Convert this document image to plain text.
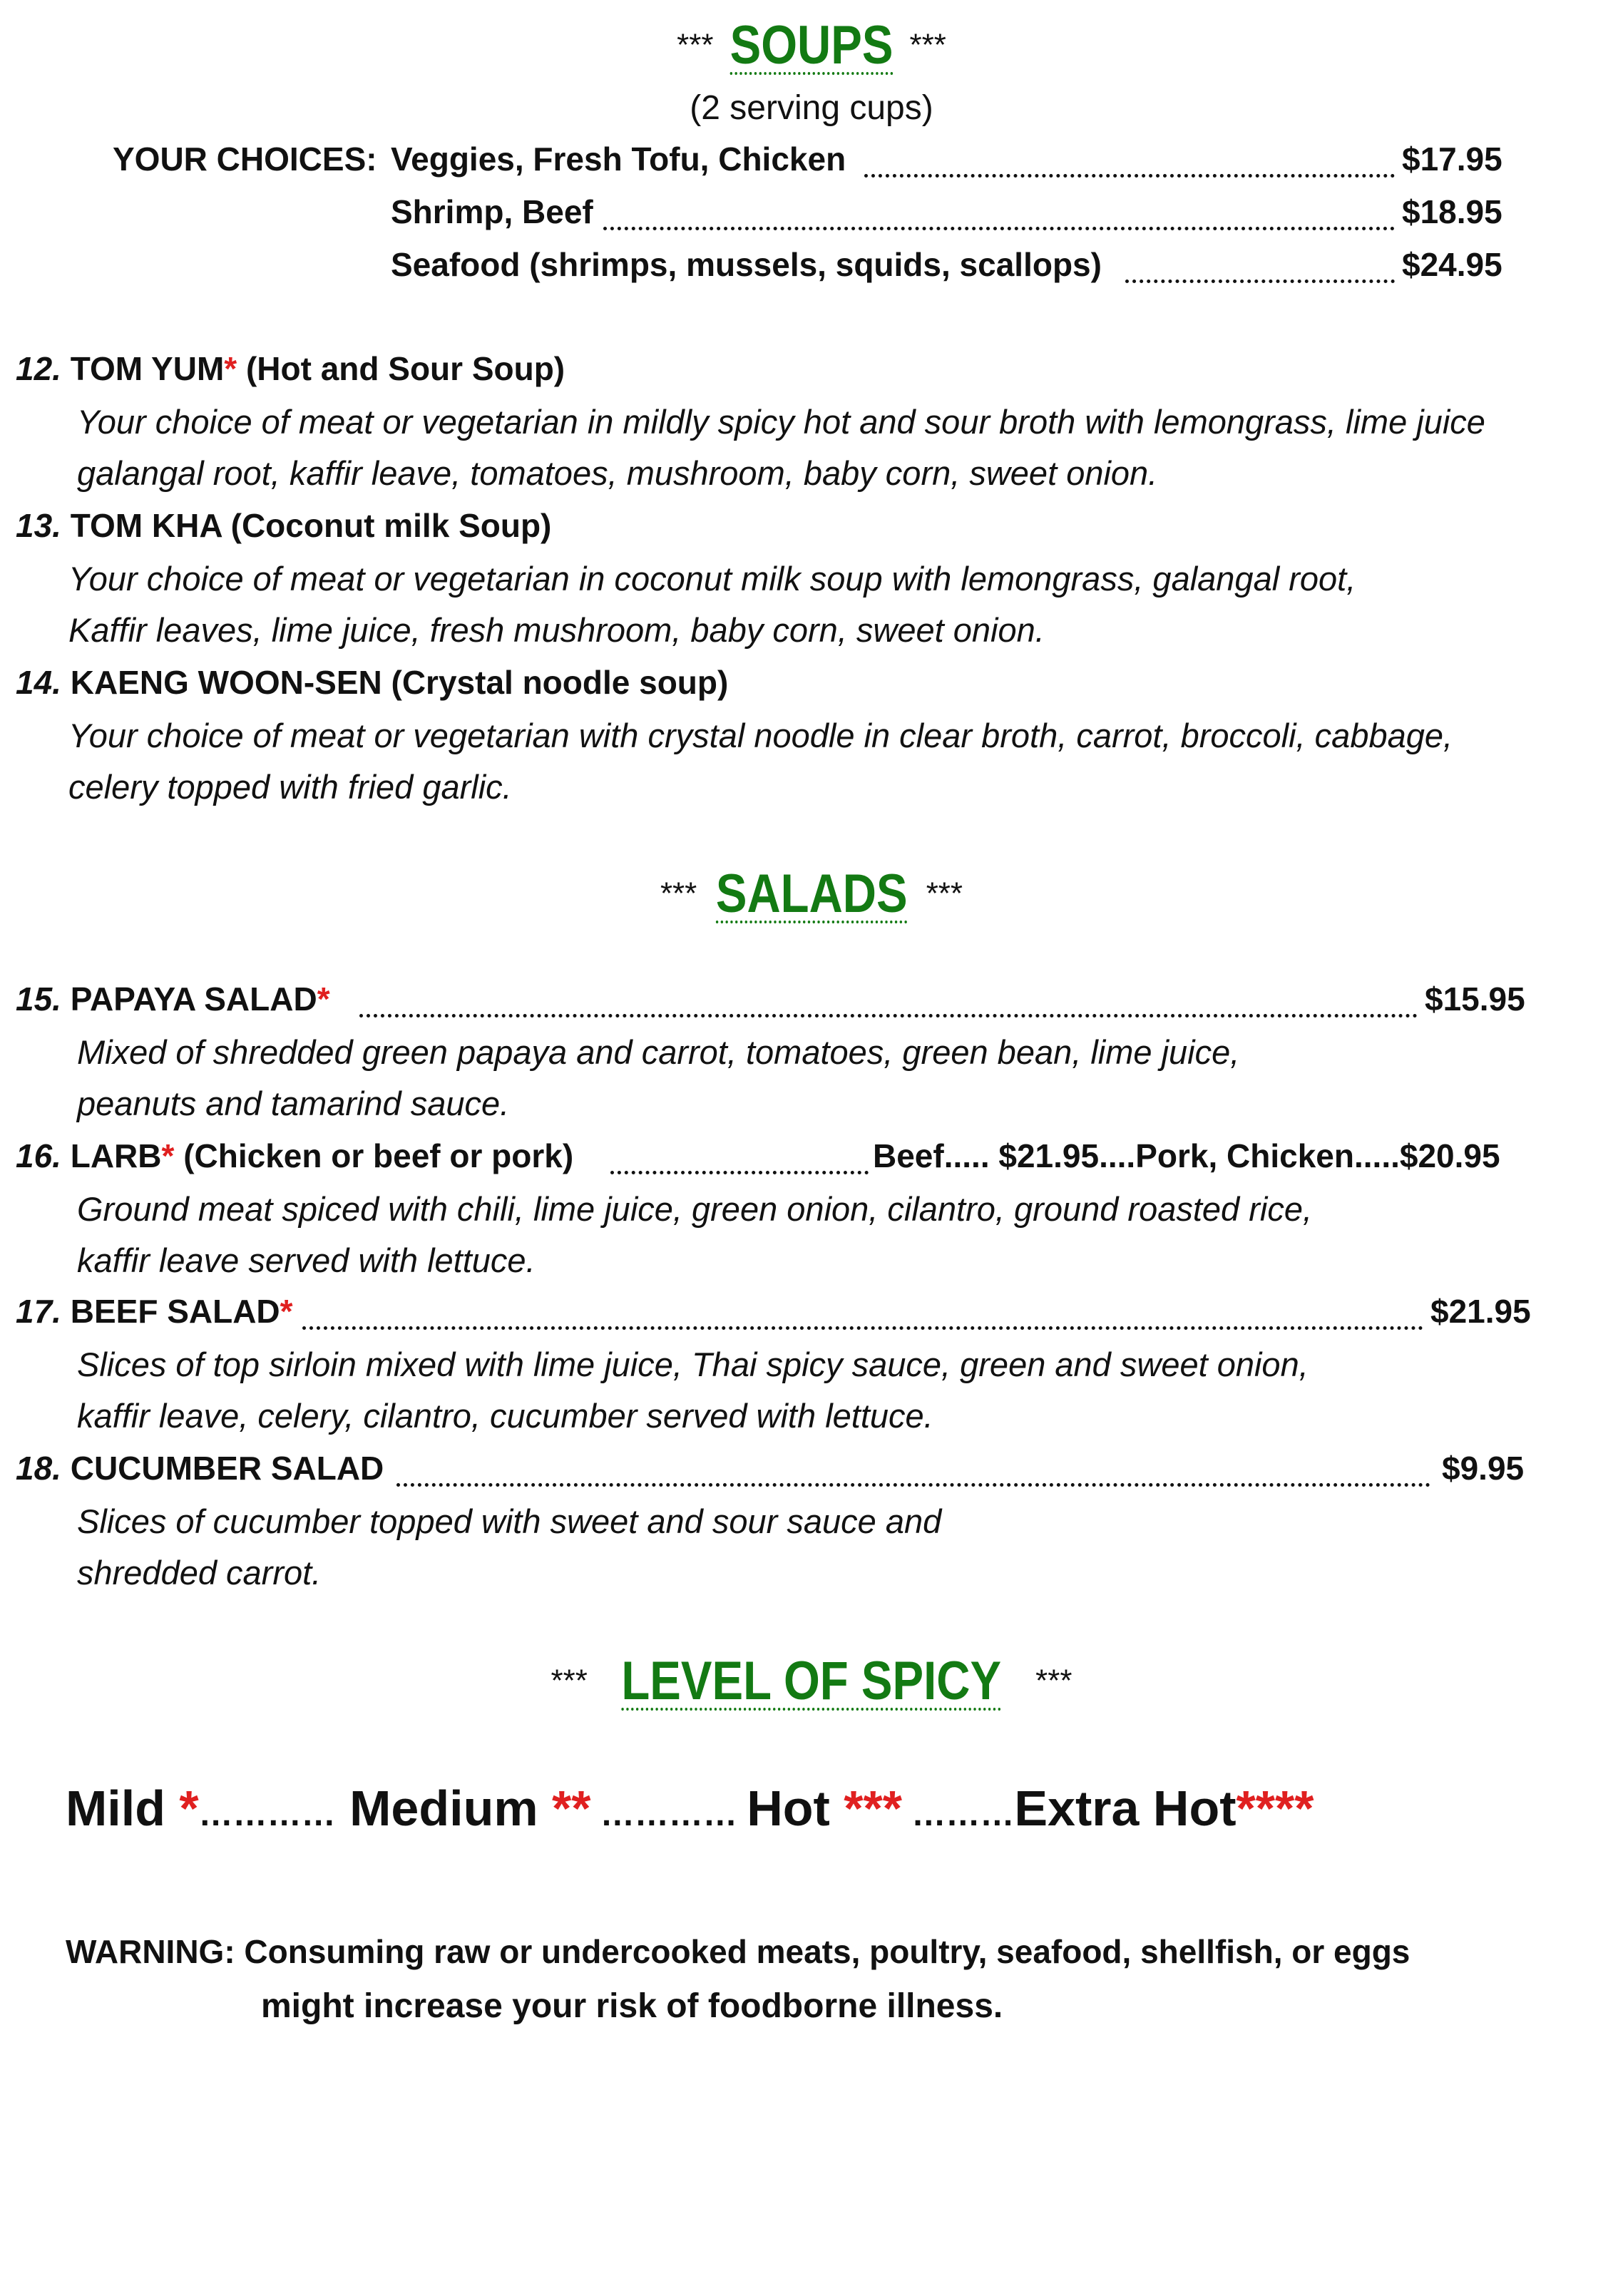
*** SOUPS ***
(2 serving cups)
YOUR CHOICES: Veggies, Fresh Tofu, Chicken	$17.95
Shrimp, Beef	$18.95
Seafood (shrimps, mussels, squids, scallops)	$24.95
12. TOM YUM* (Hot and Sour Soup)
Your choice of meat or vegetarian in mildly spicy hot and sour broth with lemongrass, lime juice
galangal root, kaffir leave, tomatoes, mushroom, baby corn, sweet onion.
13. TOM KHA (Coconut milk Soup)
Your choice of meat or vegetarian in coconut milk soup with lemongrass, galangal root,
Kaffir leaves, lime juice, fresh mushroom, baby corn, sweet onion.
14. KAENG WOON-SEN (Crystal noodle soup)
Your choice of meat or vegetarian with crystal noodle in clear broth, carrot, broccoli, cabbage,
celery topped with fried garlic.
*** SALADS ***
15. PAPAYA SALAD*	$15.95
Mixed of shredded green papaya and carrot, tomatoes, green bean, lime juice,
peanuts and tamarind sauce.
16. LARB* (Chicken or beef or pork)	Beef..... $21.95....Pork, Chicken.....$20.95
Ground meat spiced with chili, lime juice, green onion, cilantro, ground roasted rice,
kaffir leave served with lettuce.
17. BEEF SALAD*	$21.95
Slices of top sirloin mixed with lime juice, Thai spicy sauce, green and sweet onion,
kaffir leave, celery, cilantro, cucumber served with lettuce.
18. CUCUMBER SALAD	$9.95
Slices of cucumber topped with sweet and sour sauce and
shredded carrot.
*** LEVEL OF SPICY ***
Mild *………… Medium ** ………… Hot *** ………Extra Hot****
WARNING: Consuming raw or undercooked meats, poultry, seafood, shellfish, or eggs
might increase your risk of foodborne illness.
